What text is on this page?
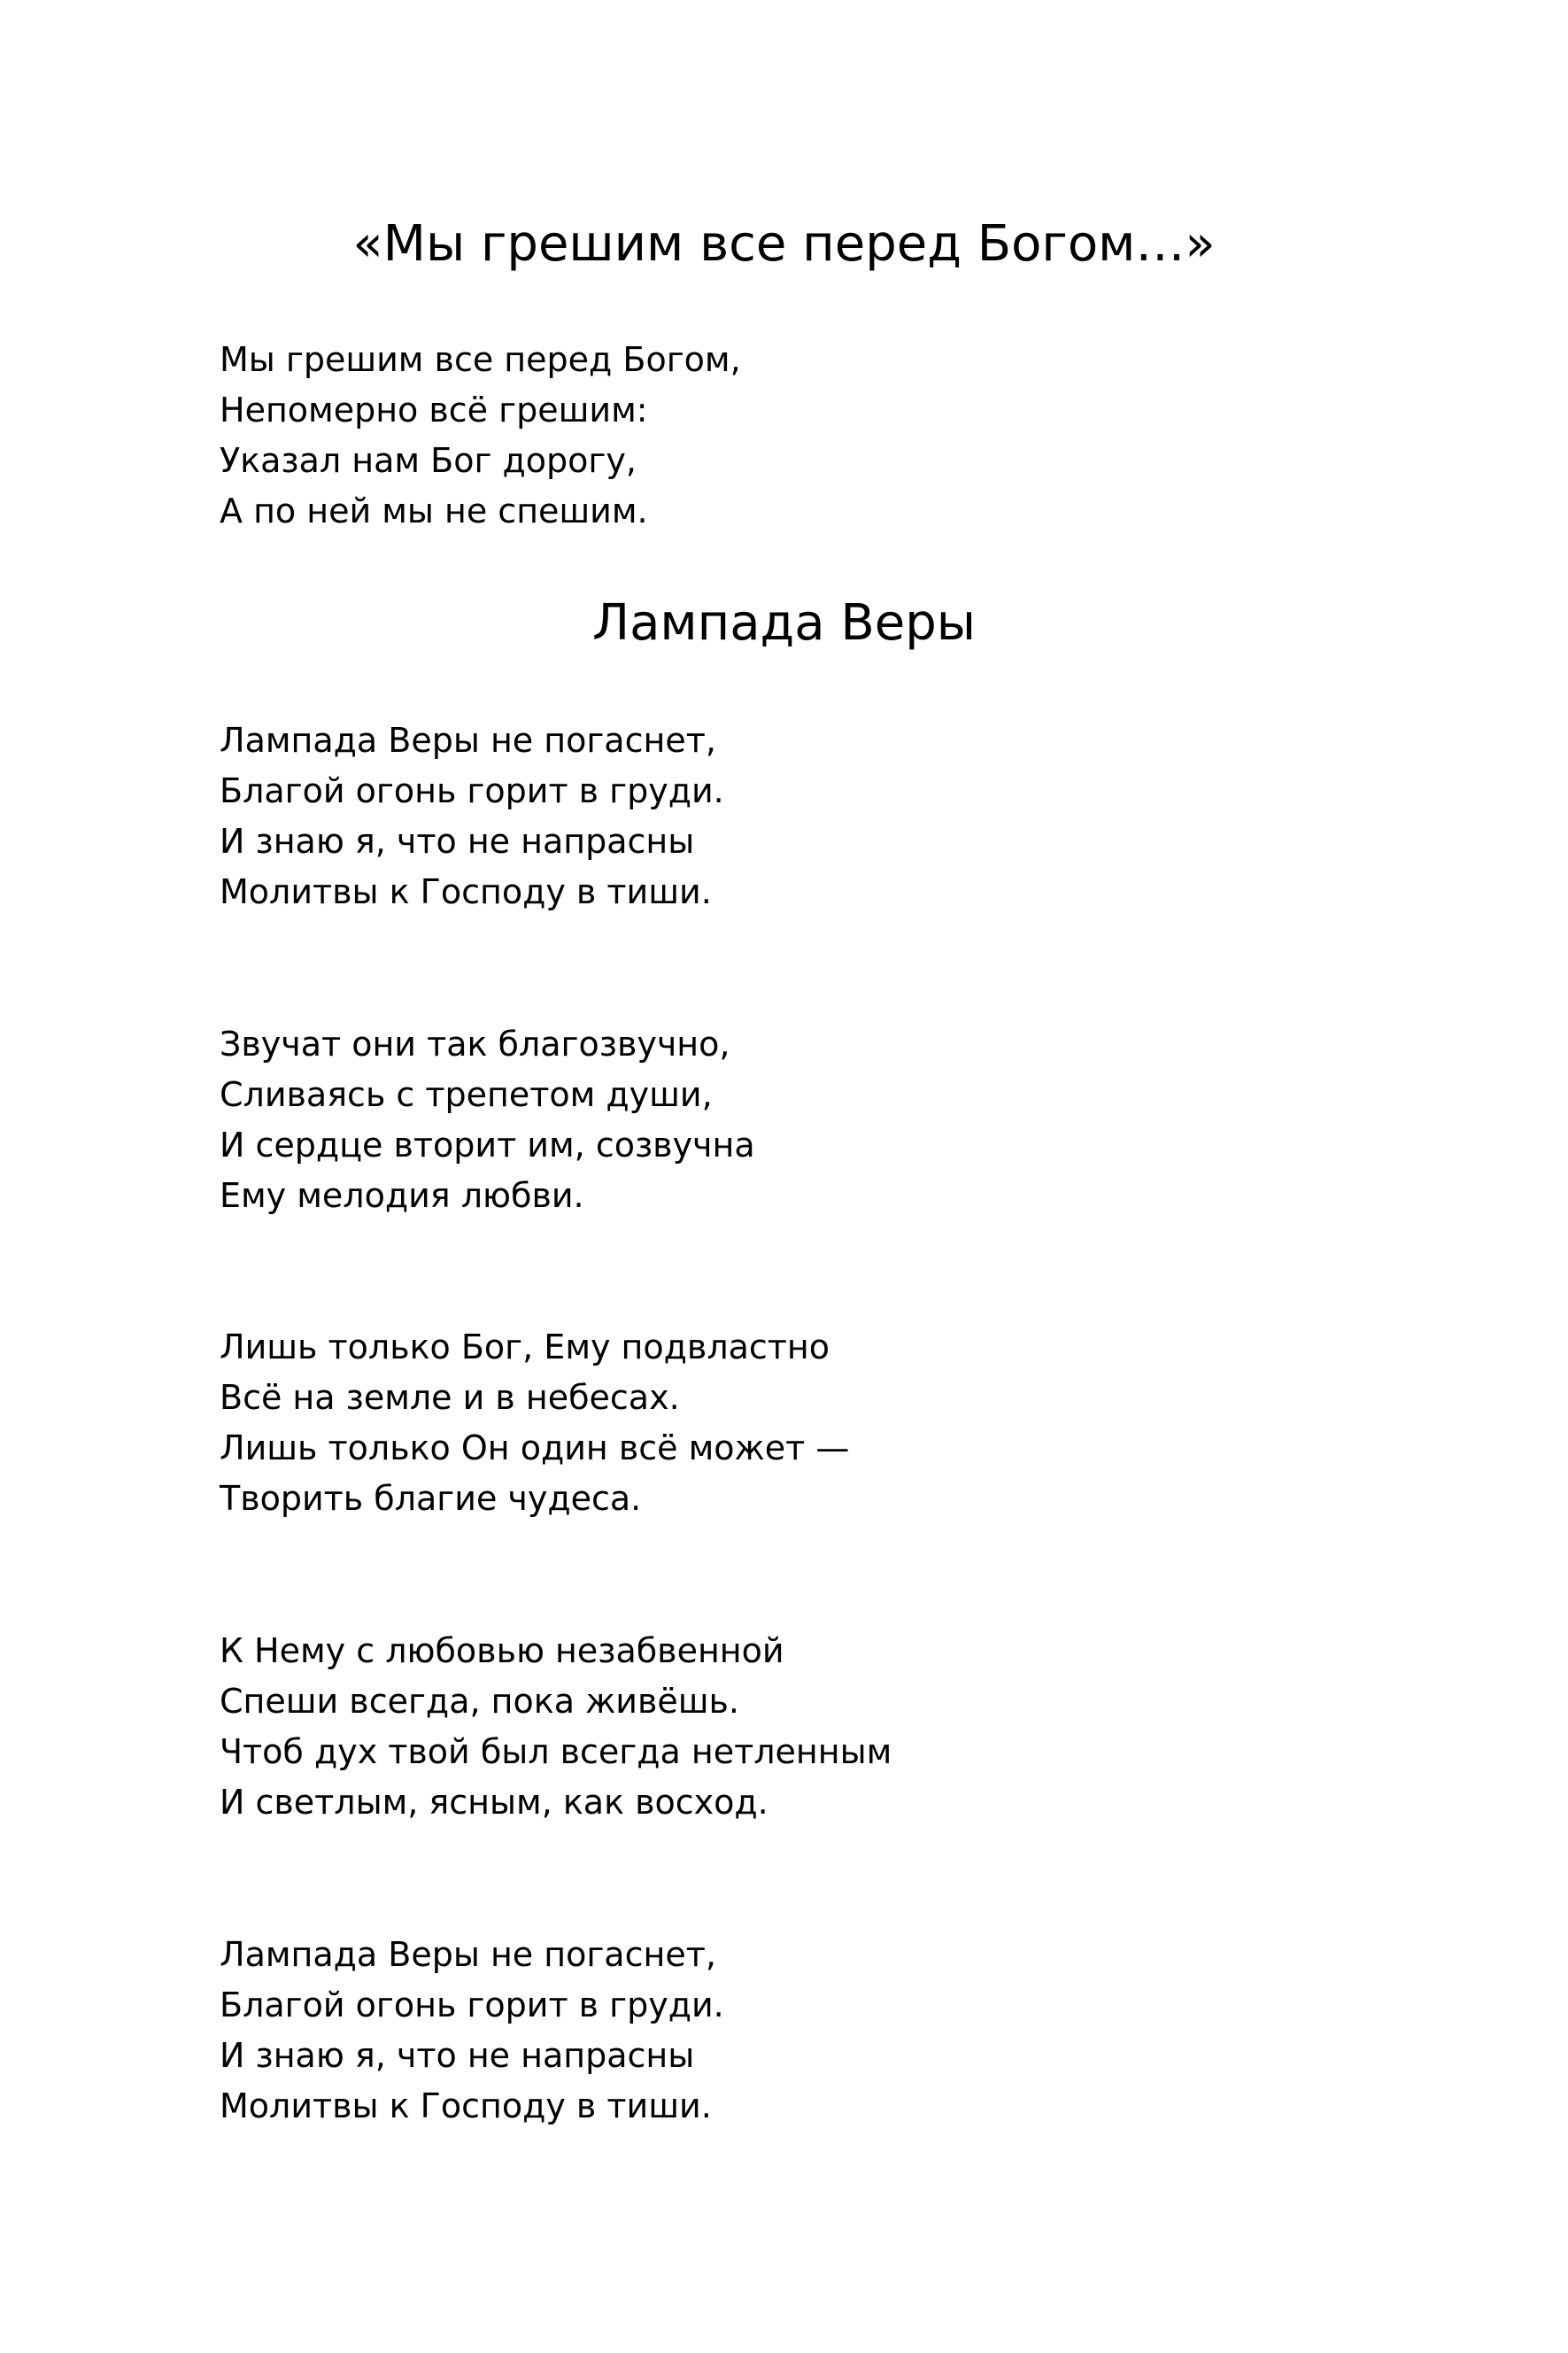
«Мы грешим все перед Богом…»
Мы грешим все перед Богом,
Непомерно всё грешим:
Указал нам Бог дорогу,
А по ней мы не спешим.
Лампада Веры
Лампада Веры не погаснет,
Благой огонь горит в груди.
И знаю я, что не напрасны
Молитвы к Господу в тиши.
Звучат они так благозвучно,
Сливаясь с трепетом души,
И сердце вторит им, созвучна
Ему мелодия любви.
Лишь только Бог, Ему подвластно
Всё на земле и в небесах.
Лишь только Он один всё может —
Творить благие чудеса.
К Нему с любовью незабвенной
Спеши всегда, пока живёшь.
Чтоб дух твой был всегда нетленным
И светлым, ясным, как восход.
Лампада Веры не погаснет,
Благой огонь горит в груди.
И знаю я, что не напрасны
Молитвы к Господу в тиши.
